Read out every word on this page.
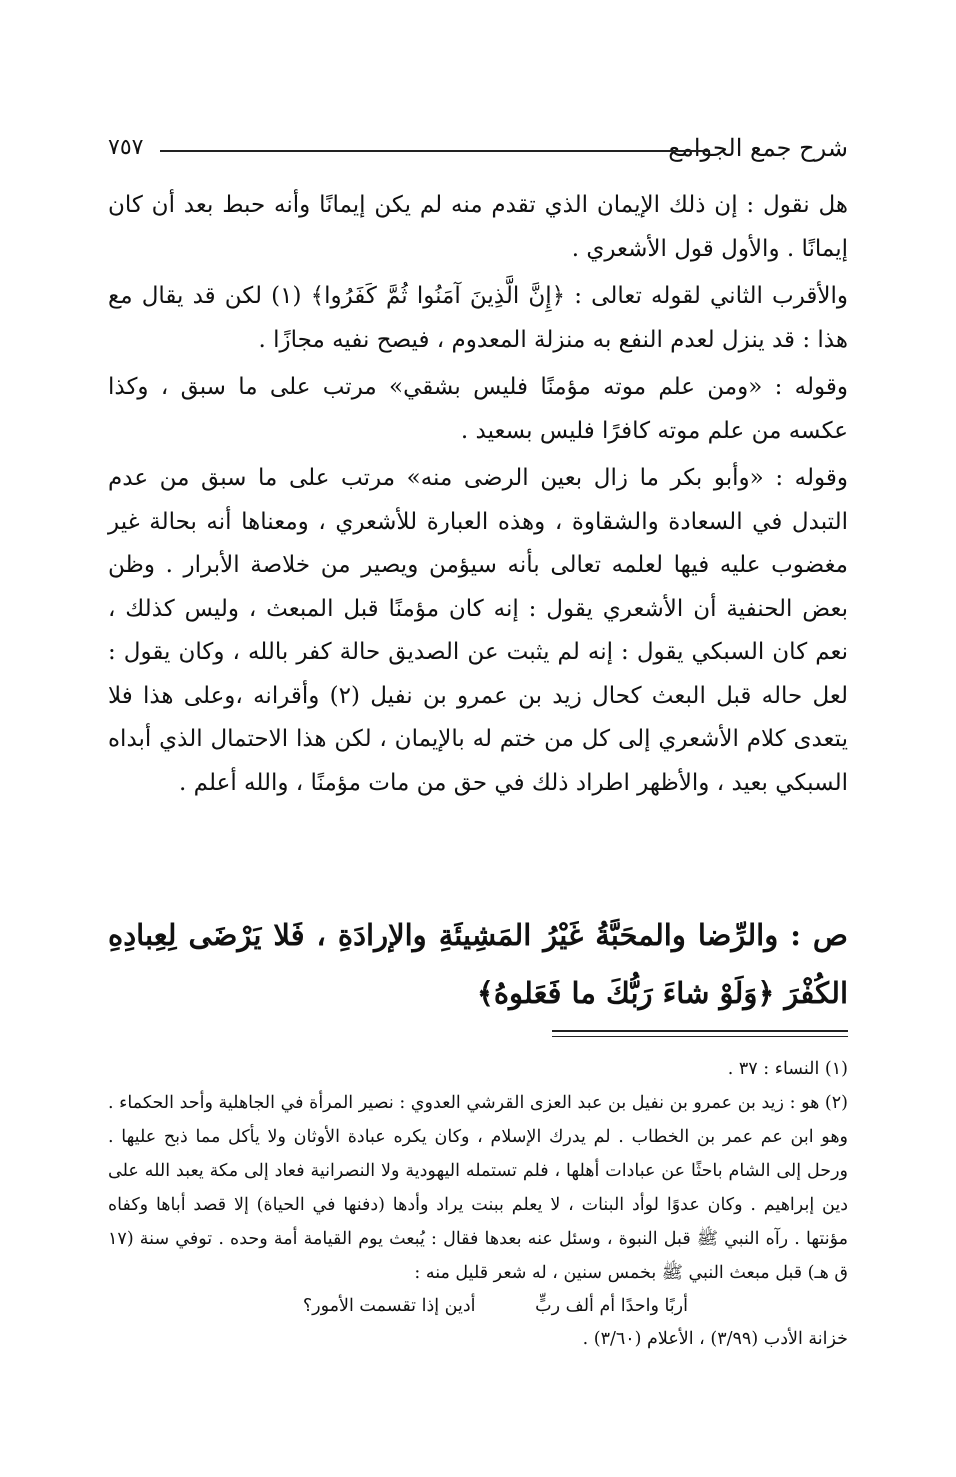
شرح جمع الجوامع
٧٥٧

هل نقول : إن ذلك الإيمان الذي تقدم منه لم يكن إيمانًا وأنه حبط بعد أن كان إيمانًا . والأول قول الأشعري .

والأقرب الثاني لقوله تعالى : ﴿إِنَّ الَّذِينَ آمَنُوا ثُمَّ كَفَرُوا﴾ (١) لكن قد يقال مع هذا : قد ينزل لعدم النفع به منزلة المعدوم ، فيصح نفيه مجازًا .

وقوله : «ومن علم موته مؤمنًا فليس بشقي» مرتب على ما سبق ، وكذا عكسه من علم موته كافرًا فليس بسعيد .

وقوله : «وأبو بكر ما زال بعين الرضى منه» مرتب على ما سبق من عدم التبدل في السعادة والشقاوة ، وهذه العبارة للأشعري ، ومعناها أنه بحالة غير مغضوب عليه فيها لعلمه تعالى بأنه سيؤمن ويصير من خلاصة الأبرار . وظن بعض الحنفية أن الأشعري يقول : إنه كان مؤمنًا قبل المبعث ، وليس كذلك ، نعم كان السبكي يقول : إنه لم يثبت عن الصديق حالة كفر بالله ، وكان يقول : لعل حاله قبل البعث كحال زيد بن عمرو بن نفيل (٢) وأقرانه ،وعلى هذا فلا يتعدى كلام الأشعري إلى كل من ختم له بالإيمان ، لكن هذا الاحتمال الذي أبداه السبكي بعيد ، والأظهر اطراد ذلك في حق من مات مؤمنًا ، والله أعلم .

ص : والرِّضا والمحَبَّةُ غَيْرُ المَشِيئَةِ والإرادَةِ ، فَلا يَرْضَى لِعِبادِهِ الكُفْرَ ﴿وَلَوْ شاءَ رَبُّكَ ما فَعَلوهُ﴾

(١) النساء : ٣٧ .

(٢) هو : زيد بن عمرو بن نفيل بن عبد العزى القرشي العدوي : نصير المرأة في الجاهلية وأحد الحكماء . وهو ابن عم عمر بن الخطاب . لم يدرك الإسلام ، وكان يكره عبادة الأوثان ولا يأكل مما ذبح عليها . ورحل إلى الشام باحثًا عن عبادات أهلها ، فلم تستمله اليهودية ولا النصرانية فعاد إلى مكة يعبد الله على دين إبراهيم . وكان عدوًا لوأد البنات ، لا يعلم ببنت يراد وأدها (دفنها في الحياة) إلا قصد أباها وكفاه مؤنتها . رآه النبي ﷺ قبل النبوة ، وسئل عنه بعدها فقال : يُبعث يوم القيامة أمة وحده . توفي سنة (١٧ ق هـ) قبل مبعث النبي ﷺ بخمس سنين ، له شعر قليل منه :

أربًا واحدًا أم ألف ربٍّ أدين إذا تقسمت الأمور؟

خزانة الأدب (٣/٩٩) ، الأعلام (٣/٦٠) .
